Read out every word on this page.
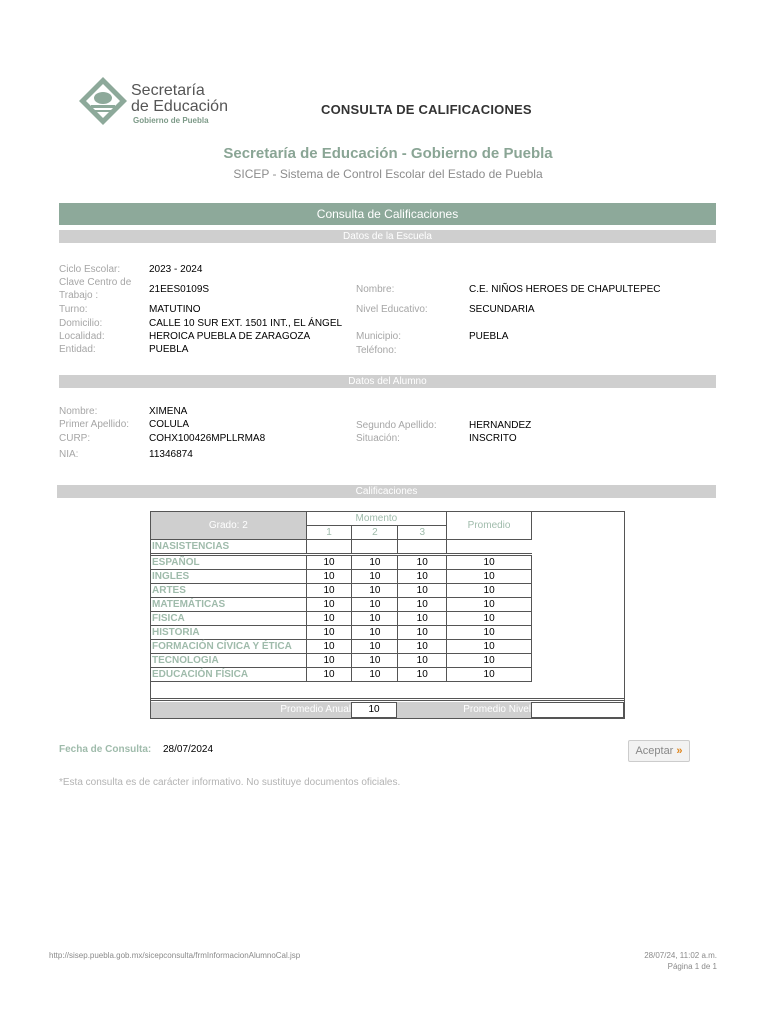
Secretaría
de Educación
Gobierno de Puebla
CONSULTA DE CALIFICACIONES
Secretaría de Educación - Gobierno de Puebla
SICEP - Sistema de Control Escolar del Estado de Puebla
Consulta de Calificaciones
Datos de la Escuela
Ciclo Escolar:	2023 - 2024
Clave Centro de
Trabajo :
21EES0109S	Nombre:	C.E. NIÑOS HEROES DE CHAPULTEPEC
Turno:	MATUTINO	Nivel Educativo:	SECUNDARIA
Domicilio:	CALLE 10 SUR EXT. 1501 INT., EL ÁNGEL
Localidad:	HEROICA PUEBLA DE ZARAGOZA	Municipio:	PUEBLA
Entidad:	PUEBLA	Teléfono:
Datos del Alumno
Nombre:	XIMENA
Primer Apellido: COLULA	Segundo Apellido:	HERNANDEZ
CURP:	COHX100426MPLLRMA8	Situación:	INSCRITO
NIA:	11346874
Calificaciones
Grado: 2	Momento			Promedio
	1	2	3	
INASISTENCIAS				
ESPAÑOL	10	10	10	10
INGLES	10	10	10	10
ARTES	10	10	10	10
MATEMÁTICAS	10	10	10	10
FISICA	10	10	10	10
HISTORIA	10	10	10	10
FORMACIÓN CÍVICA Y ÉTICA	10	10	10	10
TECNOLOGIA	10	10	10	10
EDUCACIÓN FÍSICA	10	10	10	10
Promedio Anual	10	Promedio Nivel
Fecha de Consulta: 28/07/2024	Aceptar »
*Esta consulta es de carácter informativo. No sustituye documentos oficiales.
http://sisep.puebla.gob.mx/sicepconsulta/frmInformacionAlumnoCal.jsp	28/07/24, 11:02 a.m.
Página 1 de 1
